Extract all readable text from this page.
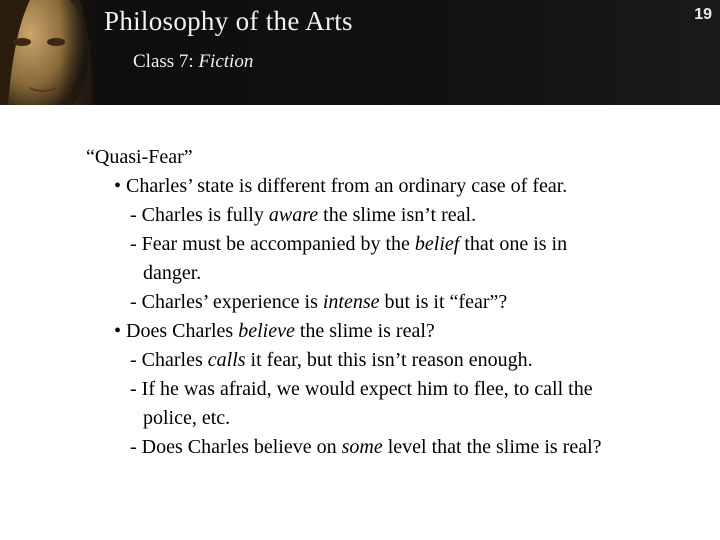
Philosophy of the Arts
Class 7: Fiction
19
“Quasi-Fear”
• Charles’ state is different from an ordinary case of fear.
- Charles is fully aware the slime isn’t real.
- Fear must be accompanied by the belief that one is in
danger.
- Charles’ experience is intense but is it “fear”?
• Does Charles believe the slime is real?
- Charles calls it fear, but this isn’t reason enough.
- If he was afraid, we would expect him to flee, to call the
police, etc.
- Does Charles believe on some level that the slime is real?
